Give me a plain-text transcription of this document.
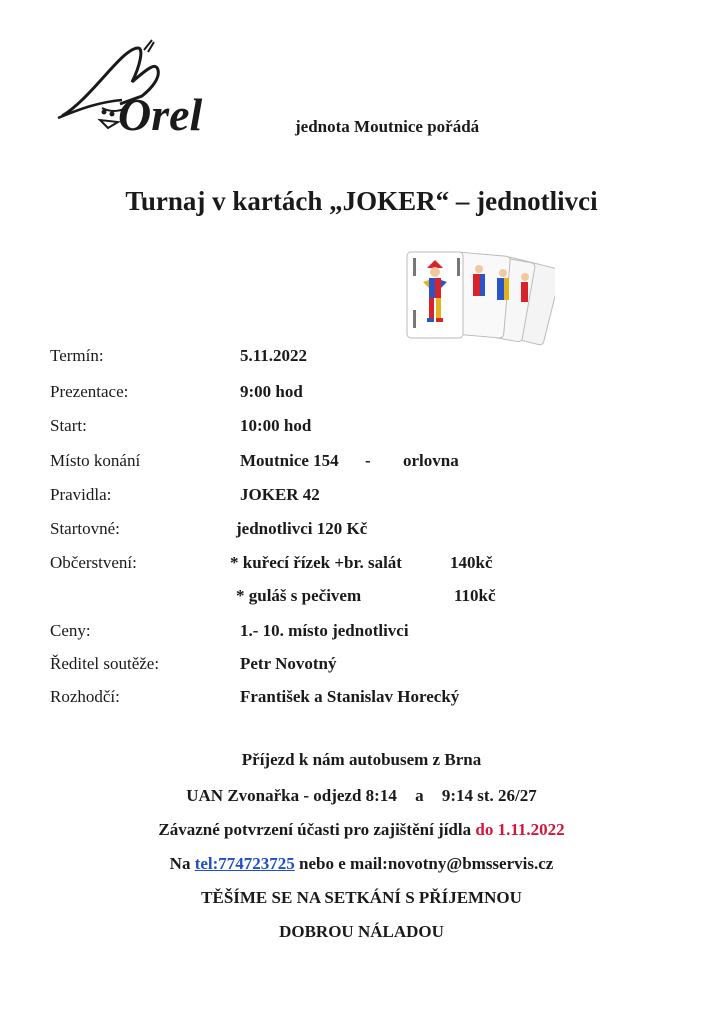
Orel	jednota Moutnice pořádá
Turnaj v kartách „JOKER“ – jednotlivci
Termín:	5.11.2022
Prezentace:	9:00 hod
Start:	10:00 hod
Místo konání	Moutnice 154 - orlovna
Pravidla:	JOKER 42
Startovné:	jednotlivci 120 Kč
Občerstvení:	* kuřecí řízek +br. salát	140kč
* guláš s pečivem	110kč
Ceny:	1.- 10. místo jednotlivci
Ředitel soutěže:	Petr Novotný
Rozhodčí:	František a Stanislav Horecký
Příjezd k nám autobusem z Brna
UAN Zvonařka - odjezd 8:14 a 9:14 st. 26/27
Závazné potvrzení účasti pro zajištění jídla do 1.11.2022
Na tel:774723725 nebo e mail:novotny@bmsservis.cz
TĚŠÍME SE NA SETKÁNÍ S PŘÍJEMNOU
DOBROU NÁLADOU
